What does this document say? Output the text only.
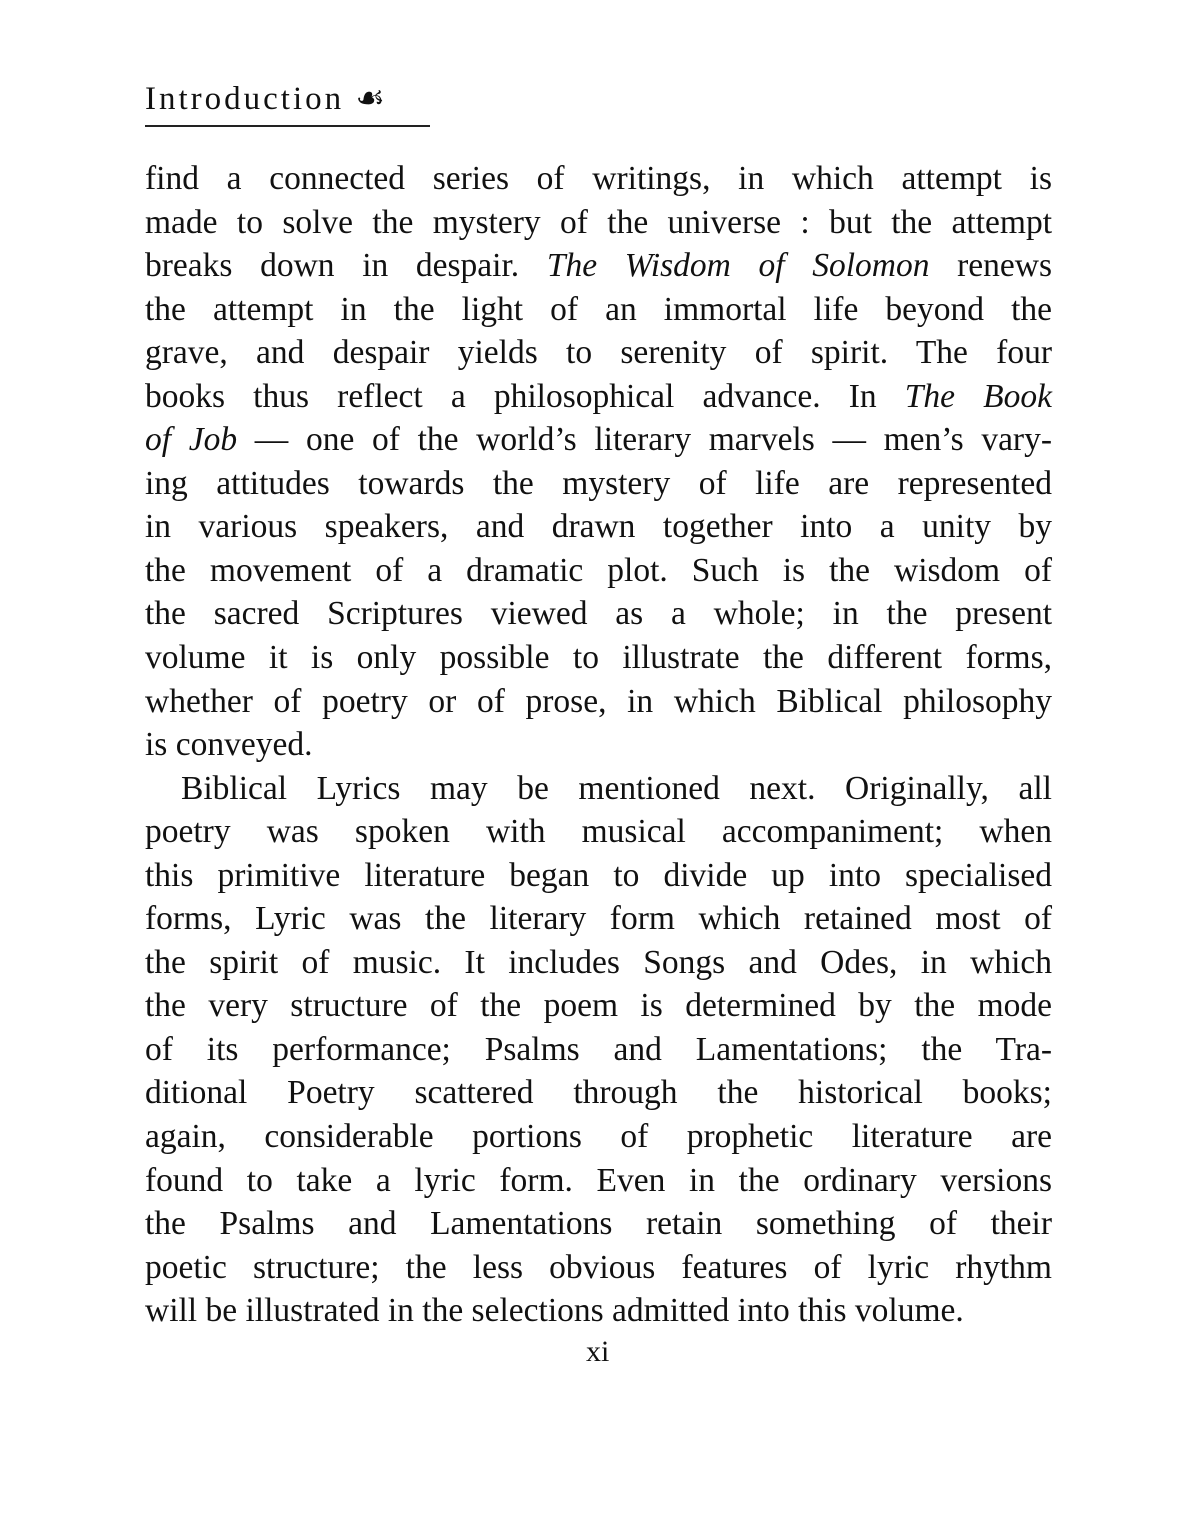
Introduction ☙
find a connected series of writings, in which attempt is
made to solve the mystery of the universe : but the attempt
breaks down in despair. The Wisdom of Solomon renews
the attempt in the light of an immortal life beyond the
grave, and despair yields to serenity of spirit. The four
books thus reflect a philosophical advance. In The Book
of Job — one of the world’s literary marvels — men’s vary-
ing attitudes towards the mystery of life are represented
in various speakers, and drawn together into a unity by
the movement of a dramatic plot. Such is the wisdom of
the sacred Scriptures viewed as a whole; in the present
volume it is only possible to illustrate the different forms,
whether of poetry or of prose, in which Biblical philosophy
is conveyed.
Biblical Lyrics may be mentioned next. Originally, all
poetry was spoken with musical accompaniment; when
this primitive literature began to divide up into specialised
forms, Lyric was the literary form which retained most of
the spirit of music. It includes Songs and Odes, in which
the very structure of the poem is determined by the mode
of its performance; Psalms and Lamentations; the Tra-
ditional Poetry scattered through the historical books;
again, considerable portions of prophetic literature are
found to take a lyric form. Even in the ordinary versions
the Psalms and Lamentations retain something of their
poetic structure; the less obvious features of lyric rhythm
will be illustrated in the selections admitted into this volume.
xi
